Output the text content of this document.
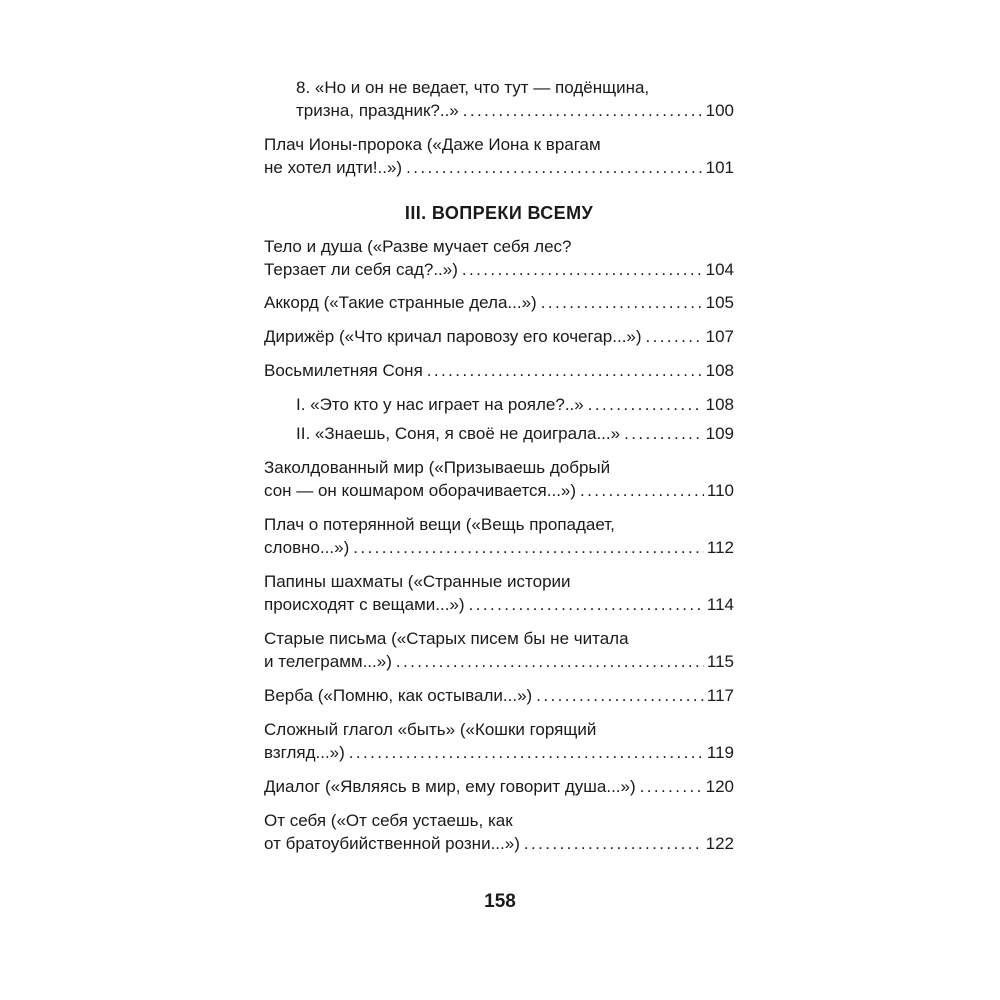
8. «Но и он не ведает, что тут — подёнщина,
тризна, праздник?..» .....	100
Плач Ионы-пророка («Даже Иона к врагам
не хотел идти!..») .....	101
III. ВОПРЕКИ ВСЕМУ
Тело и душа («Разве мучает себя лес?
Терзает ли себя сад?..») .....	104
Аккорд («Такие странные дела...») .....	105
Дирижёр («Что кричал паровозу его кочегар...») .....	107
Восьмилетняя Соня .....	108
I. «Это кто у нас играет на рояле?..» .....	108
II. «Знаешь, Соня, я своё не доиграла...» .....	109
Заколдованный мир («Призываешь добрый
сон — он кошмаром оборачивается...») .....	110
Плач о потерянной вещи («Вещь пропадает,
словно...») .....	112
Папины шахматы («Странные истории
происходят с вещами...») .....	114
Старые письма («Старых писем бы не читала
и телеграмм...») .....	115
Верба («Помню, как остывали...») .....	117
Сложный глагол «быть» («Кошки горящий
взгляд...») .....	119
Диалог («Являясь в мир, ему говорит душа...») .....	120
От себя («От себя устаешь, как
от братоубийственной розни...») .....	122
158
